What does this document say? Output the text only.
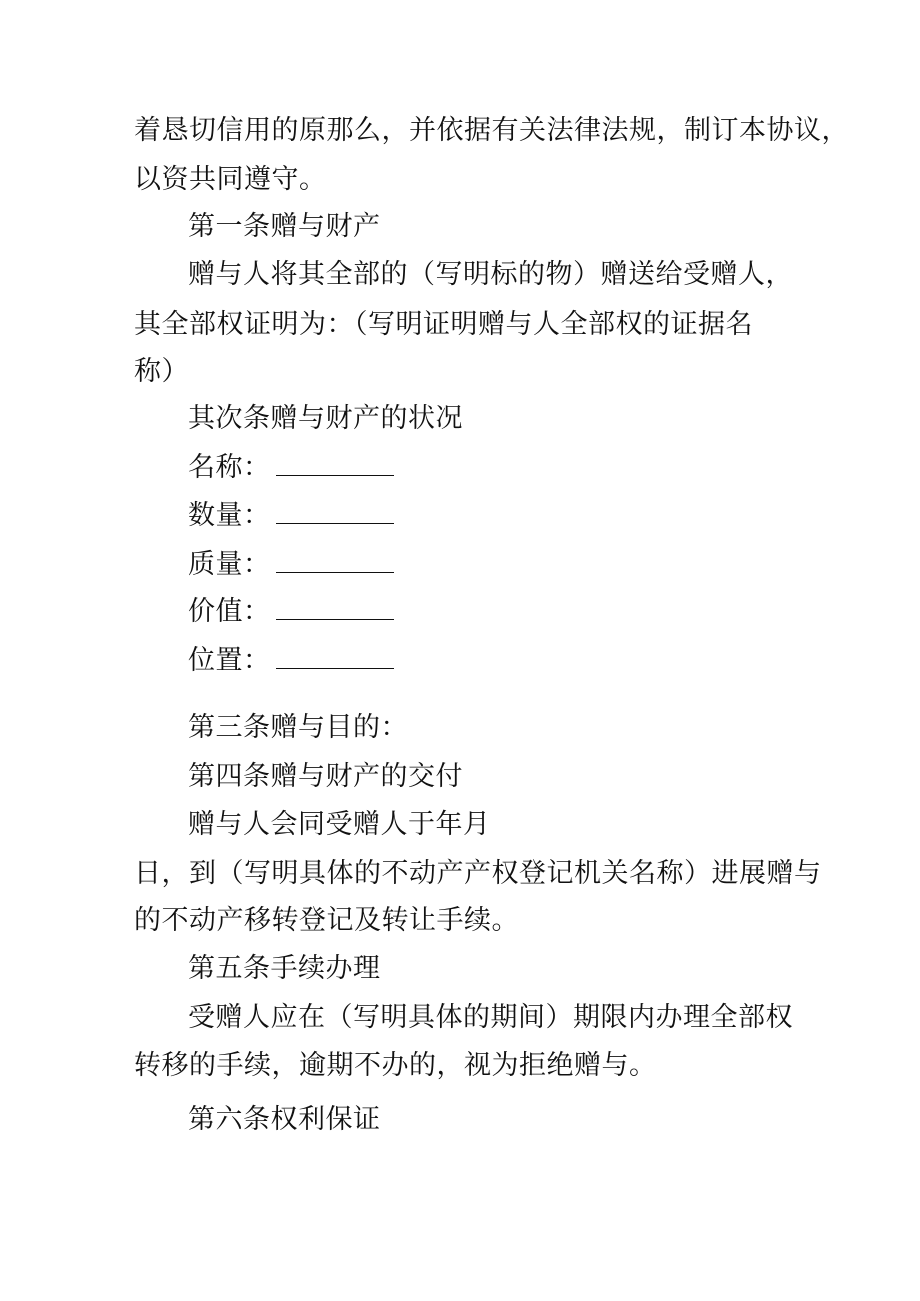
着恳切信用的原那么，并依据有关法律法规，制订本协议，
以资共同遵守。
第一条赠与财产
赠与人将其全部的（写明标的物）赠送给受赠人，
其全部权证明为：（写明证明赠与人全部权的证据名
称）
其次条赠与财产的状况
名称：
数量：
质量：
价值：
位置：
第三条赠与目的：
第四条赠与财产的交付
赠与人会同受赠人于年月
日，到（写明具体的不动产产权登记机关名称）进展赠与
的不动产移转登记及转让手续。
第五条手续办理
受赠人应在（写明具体的期间）期限内办理全部权
转移的手续，逾期不办的，视为拒绝赠与。
第六条权利保证
